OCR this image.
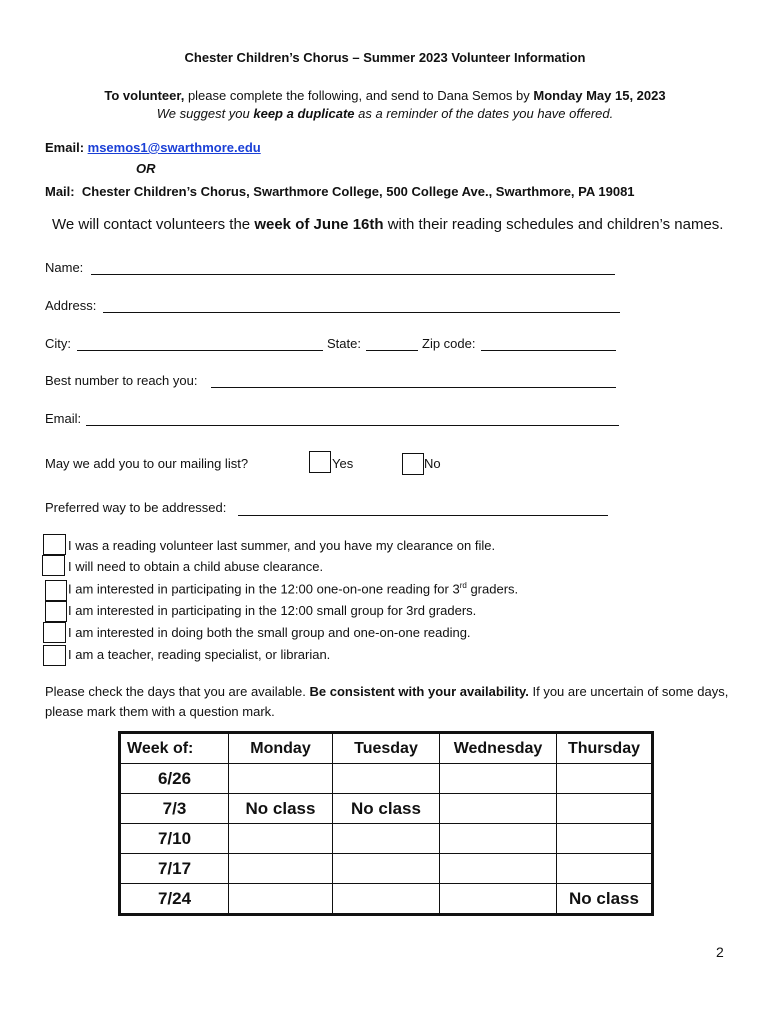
Chester Children’s Chorus – Summer 2023 Volunteer Information
To volunteer, please complete the following, and send to Dana Semos by Monday May 15, 2023
We suggest you keep a duplicate as a reminder of the dates you have offered.
Email: msemos1@swarthmore.edu
OR
Mail:  Chester Children’s Chorus, Swarthmore College, 500 College Ave., Swarthmore, PA 19081
We will contact volunteers the week of June 16th with their reading schedules and children’s names.
Name:
Address:
City:	State:	Zip code:
Best number to reach you:
Email:
May we add you to our mailing list?	Yes	No
Preferred way to be addressed:
I was a reading volunteer last summer, and you have my clearance on file.
I will need to obtain a child abuse clearance.
I am interested in participating in the 12:00 one-on-one reading for 3rd graders.
I am interested in participating in the 12:00 small group for 3rd graders.
I am interested in doing both the small group and one-on-one reading.
I am a teacher, reading specialist, or librarian.
Please check the days that you are available. Be consistent with your availability. If you are uncertain of some days, please mark them with a question mark.
Week of:	Monday	Tuesday	Wednesday	Thursday
6/26				
7/3	No class	No class		
7/10				
7/17				
7/24				No class
2
